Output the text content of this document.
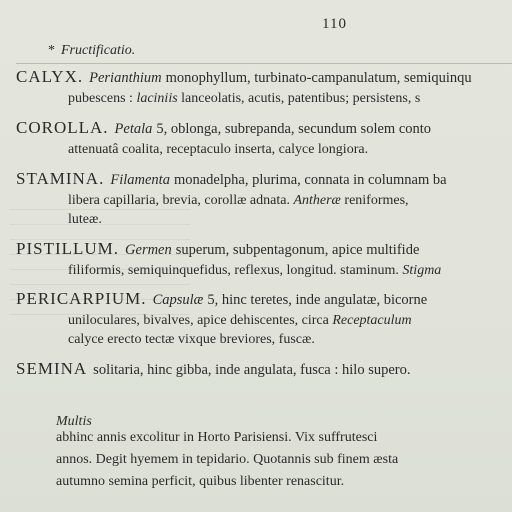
110
* Fructificatio.
CALYX. Perianthium monophyllum, turbinato-campanulatum, semiquinqu
pubescens : laciniis lanceolatis, acutis, patentibus; persistens, s
COROLLA. Petala 5, oblonga, subrepanda, secundum solem conto
attenuatâ coalita, receptaculo inserta, calyce longiora.
STAMINA. Filamenta monadelpha, plurima, connata in columnam ba
libera capillaria, brevia, corollæ adnata. Antheræ reniformes,
luteæ.
PISTILLUM. Germen superum, subpentagonum, apice multifide
filiformis, semiquinquefidus, reflexus, longitud. staminum. Stigma
PERICARPIUM. Capsulæ 5, hinc teretes, inde angulatæ, bicorne
uniloculares, bivalves, apice dehiscentes, circa Receptaculum
calyce erecto tectæ vixque breviores, fuscæ.
SEMINA solitaria, hinc gibba, inde angulata, fusca : hilo supero.
Multis
abhinc annis excolitur in Horto Parisiensi. Vix suffrutesci
annos. Degit hyemem in tepidario. Quotannis sub finem æsta
autumno semina perficit, quibus libenter renascitur.
